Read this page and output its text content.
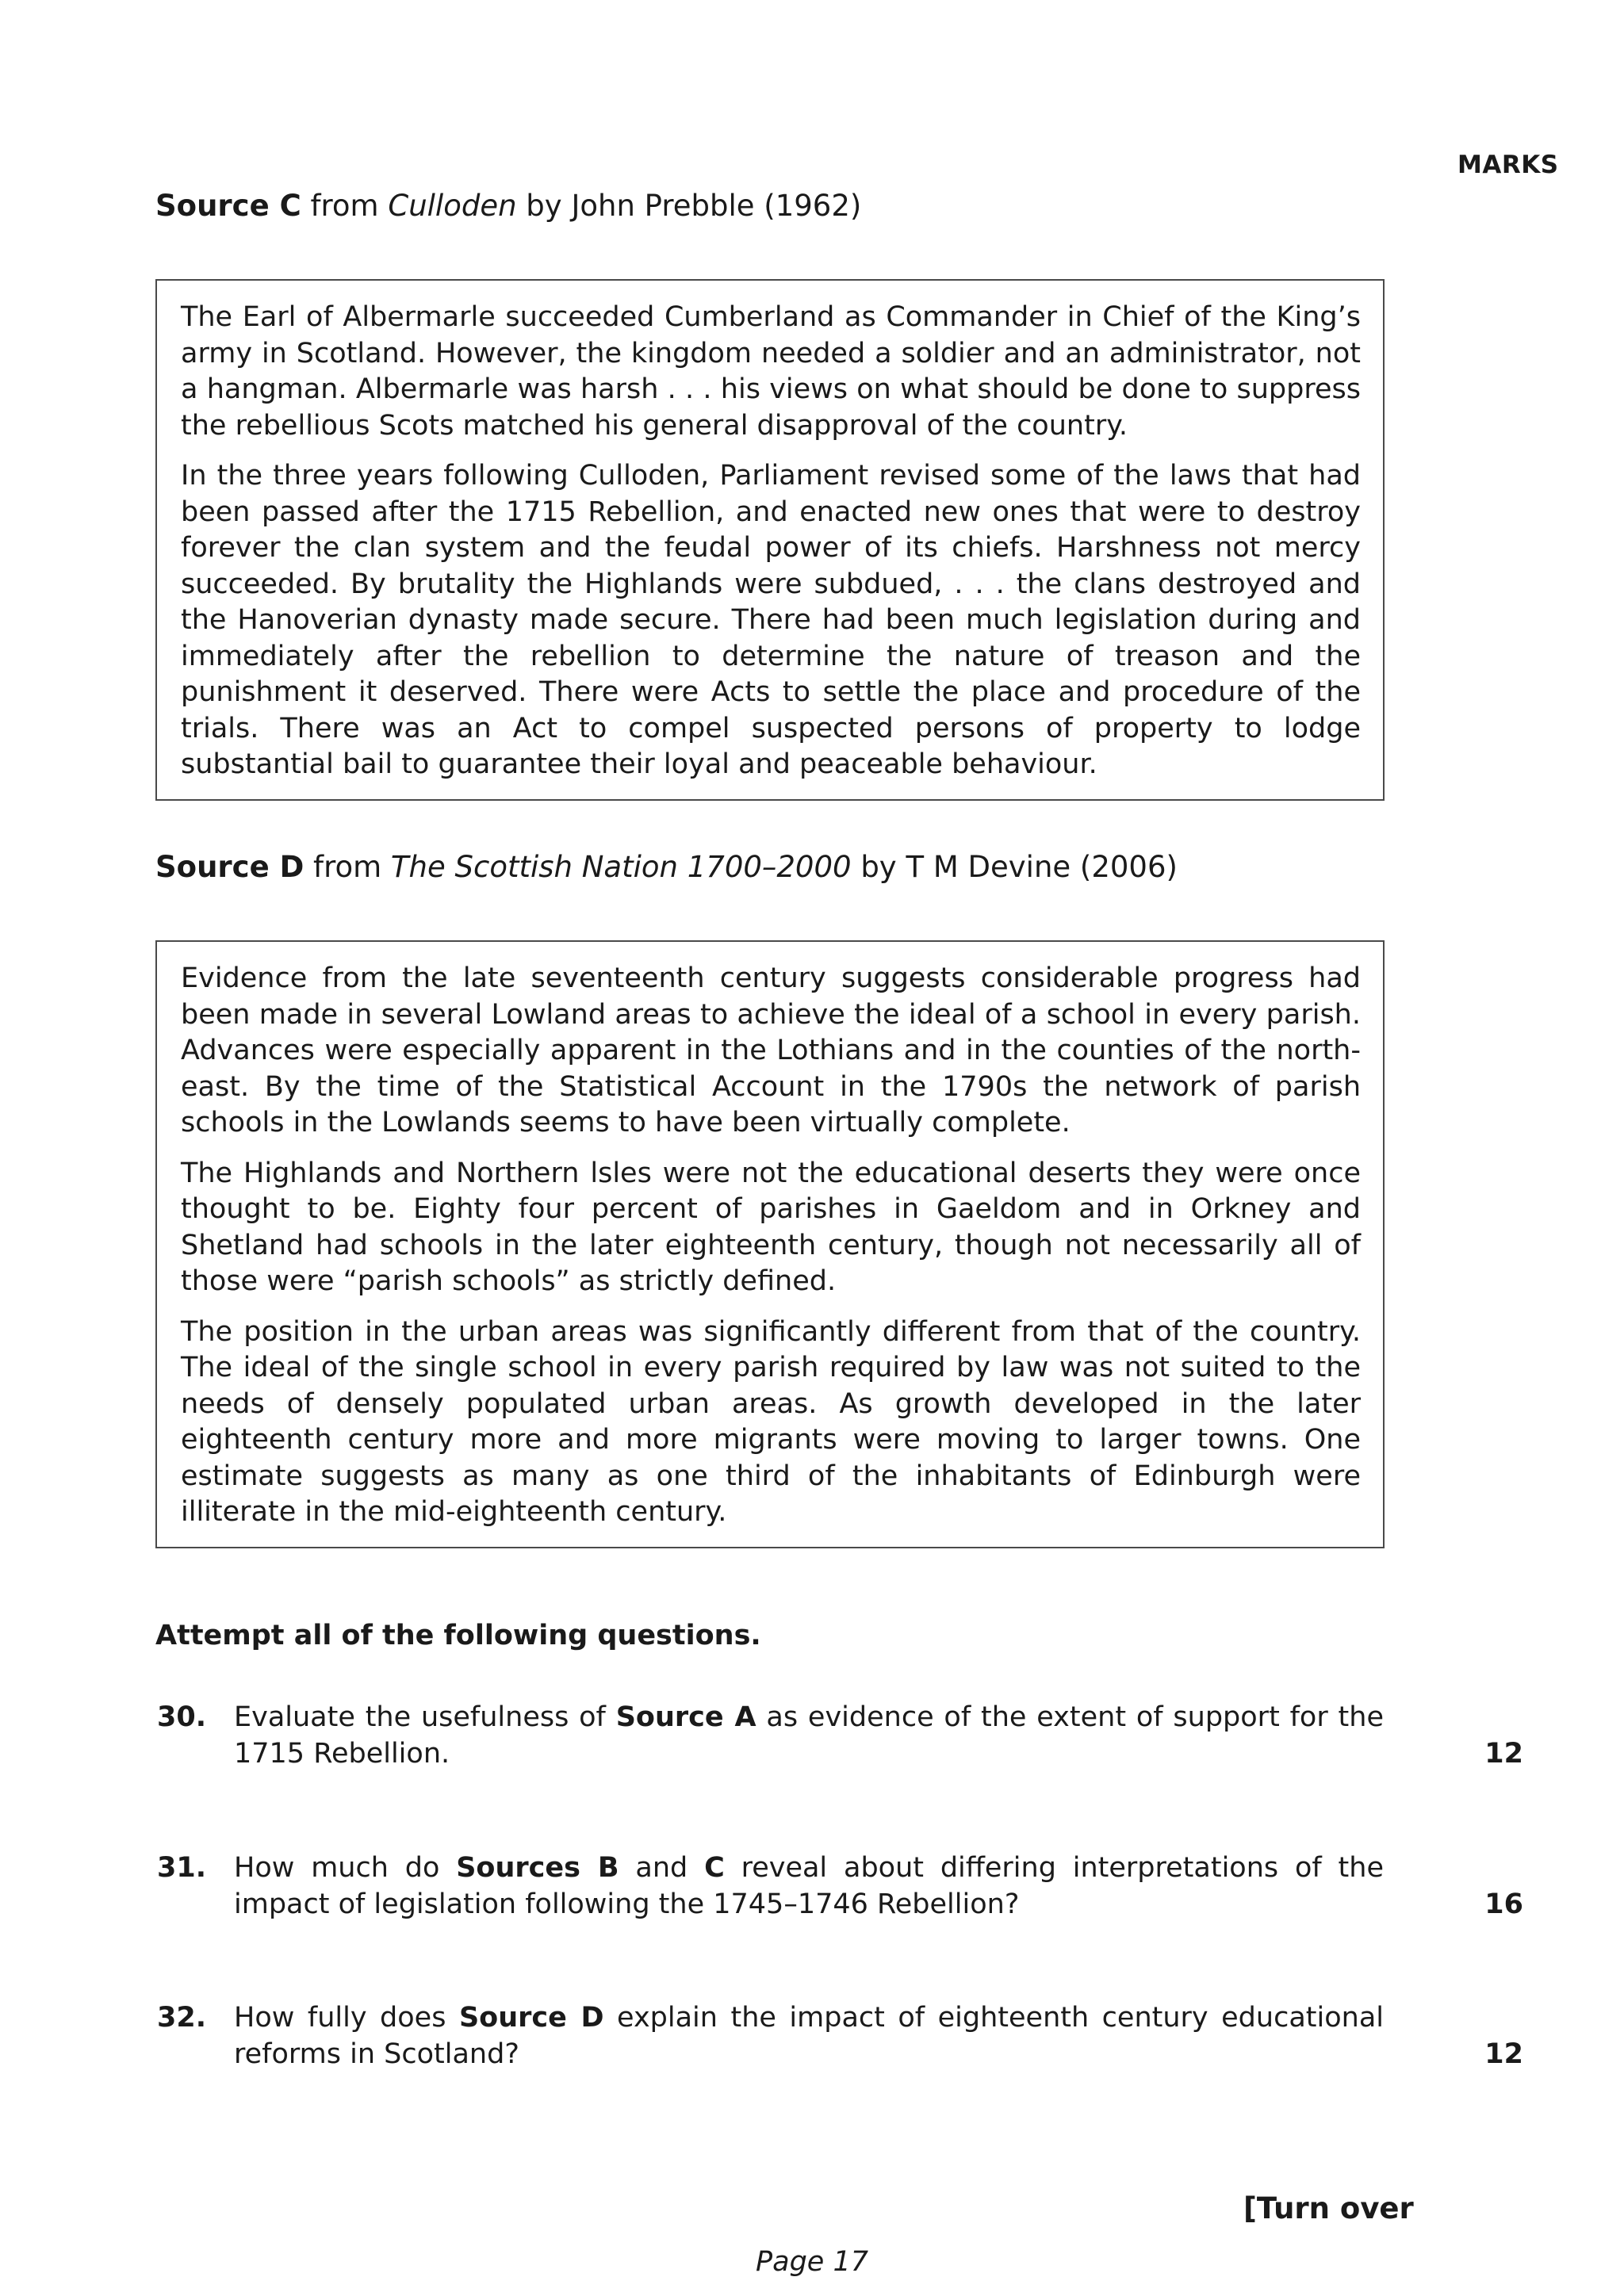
MARKS
Source C from Culloden by John Prebble (1962)

The Earl of Albermarle succeeded Cumberland as Commander in Chief of the King’s army in Scotland. However, the kingdom needed a soldier and an administrator, not a hangman. Albermarle was harsh . . . his views on what should be done to suppress the rebellious Scots matched his general disapproval of the country.

In the three years following Culloden, Parliament revised some of the laws that had been passed after the 1715 Rebellion, and enacted new ones that were to destroy forever the clan system and the feudal power of its chiefs. Harshness not mercy succeeded. By brutality the Highlands were subdued, . . . the clans destroyed and the Hanoverian dynasty made secure. There had been much legislation during and immediately after the rebellion to determine the nature of treason and the punishment it deserved. There were Acts to settle the place and procedure of the trials. There was an Act to compel suspected persons of property to lodge substantial bail to guarantee their loyal and peaceable behaviour.

Source D from The Scottish Nation 1700–2000 by T M Devine (2006)

Evidence from the late seventeenth century suggests considerable progress had been made in several Lowland areas to achieve the ideal of a school in every parish. Advances were especially apparent in the Lothians and in the counties of the north-east. By the time of the Statistical Account in the 1790s the network of parish schools in the Lowlands seems to have been virtually complete.

The Highlands and Northern lsles were not the educational deserts they were once thought to be. Eighty four percent of parishes in Gaeldom and in Orkney and Shetland had schools in the later eighteenth century, though not necessarily all of those were “parish schools” as strictly defined.

The position in the urban areas was significantly different from that of the country. The ideal of the single school in every parish required by law was not suited to the needs of densely populated urban areas. As growth developed in the later eighteenth century more and more migrants were moving to larger towns. One estimate suggests as many as one third of the inhabitants of Edinburgh were illiterate in the mid-eighteenth century.

Attempt all of the following questions.
30. Evaluate the usefulness of Source A as evidence of the extent of support for the 1715 Rebellion.	12
31. How much do Sources B and C reveal about differing interpretations of the impact of legislation following the 1745–1746 Rebellion?	16
32. How fully does Source D explain the impact of eighteenth century educational reforms in Scotland?	12
[Turn over
Page 17
